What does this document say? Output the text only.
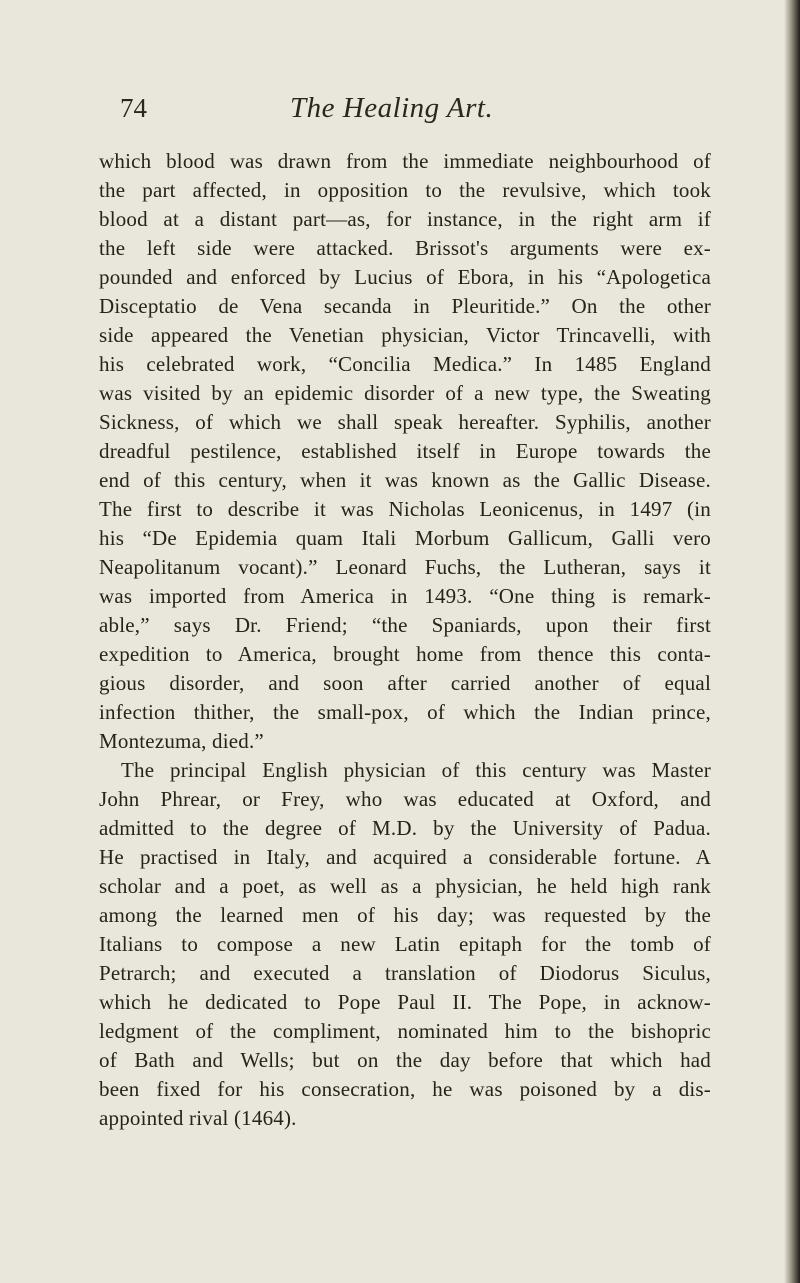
74	The Healing Art.
which blood was drawn from the immediate neighbourhood of
the part affected, in opposition to the revulsive, which took
blood at a distant part—as, for instance, in the right arm if
the left side were attacked. Brissot's arguments were ex-
pounded and enforced by Lucius of Ebora, in his “Apologetica
Disceptatio de Vena secanda in Pleuritide.” On the other
side appeared the Venetian physician, Victor Trincavelli, with
his celebrated work, “Concilia Medica.” In 1485 England
was visited by an epidemic disorder of a new type, the Sweating
Sickness, of which we shall speak hereafter. Syphilis, another
dreadful pestilence, established itself in Europe towards the
end of this century, when it was known as the Gallic Disease.
The first to describe it was Nicholas Leonicenus, in 1497 (in
his “De Epidemia quam Itali Morbum Gallicum, Galli vero
Neapolitanum vocant).” Leonard Fuchs, the Lutheran, says it
was imported from America in 1493. “One thing is remark-
able,” says Dr. Friend; “the Spaniards, upon their first
expedition to America, brought home from thence this conta-
gious disorder, and soon after carried another of equal
infection thither, the small-pox, of which the Indian prince,
Montezuma, died.”
The principal English physician of this century was Master
John Phrear, or Frey, who was educated at Oxford, and
admitted to the degree of M.D. by the University of Padua.
He practised in Italy, and acquired a considerable fortune. A
scholar and a poet, as well as a physician, he held high rank
among the learned men of his day; was requested by the
Italians to compose a new Latin epitaph for the tomb of
Petrarch; and executed a translation of Diodorus Siculus,
which he dedicated to Pope Paul II. The Pope, in acknow-
ledgment of the compliment, nominated him to the bishopric
of Bath and Wells; but on the day before that which had
been fixed for his consecration, he was poisoned by a dis-
appointed rival (1464).
